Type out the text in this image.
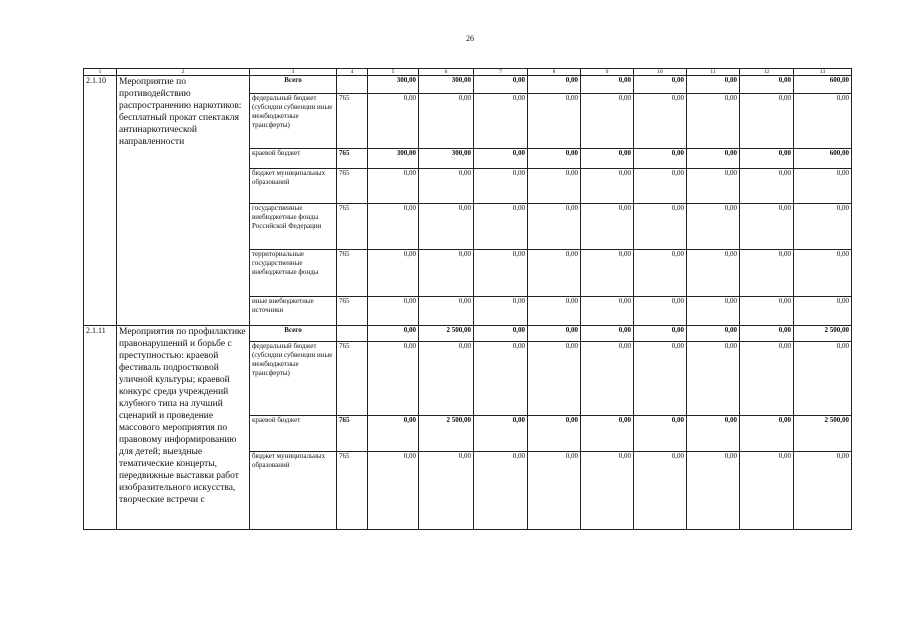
26
1	2	3	4	5	6	7	8	9	10	11	12	13
2.1.10	Мероприятие по противодействию распространению наркотиков: бесплатный прокат спектакля антинаркотической направленности	Всего		300,00	300,00	0,00	0,00	0,00	0,00	0,00	0,00	600,00
		федеральный бюджет (субсидии субвенции иные межбюджетные трансферты)	765	0,00	0,00	0,00	0,00	0,00	0,00	0,00	0,00	0,00
		краевой бюджет	765	300,00	300,00	0,00	0,00	0,00	0,00	0,00	0,00	600,00
		бюджет муниципальных образований	765	0,00	0,00	0,00	0,00	0,00	0,00	0,00	0,00	0,00
		государственные внебюджетные фонды Российской Федерации	765	0,00	0,00	0,00	0,00	0,00	0,00	0,00	0,00	0,00
		территориальные государственные внебюджетные фонды	765	0,00	0,00	0,00	0,00	0,00	0,00	0,00	0,00	0,00
		иные внебюджетные источники	765	0,00	0,00	0,00	0,00	0,00	0,00	0,00	0,00	0,00
2.1.11	Мероприятия по профилактике правонарушений и борьбе с преступностью: краевой фестиваль подростковой уличной культуры; краевой конкурс среди учреждений клубного типа на лучший сценарий и проведение массового мероприятия по правовому информированию для детей; выездные тематические концерты, передвижные выставки работ изобразительного искусства, творческие встречи с	Всего		0,00	2 500,00	0,00	0,00	0,00	0,00	0,00	0,00	2 500,00
		федеральный бюджет (субсидии субвенции иные межбюджетные трансферты)	765	0,00	0,00	0,00	0,00	0,00	0,00	0,00	0,00	0,00
		краевой бюджет	765	0,00	2 500,00	0,00	0,00	0,00	0,00	0,00	0,00	2 500,00
		бюджет муниципальных образований	765	0,00	0,00	0,00	0,00	0,00	0,00	0,00	0,00	0,00
